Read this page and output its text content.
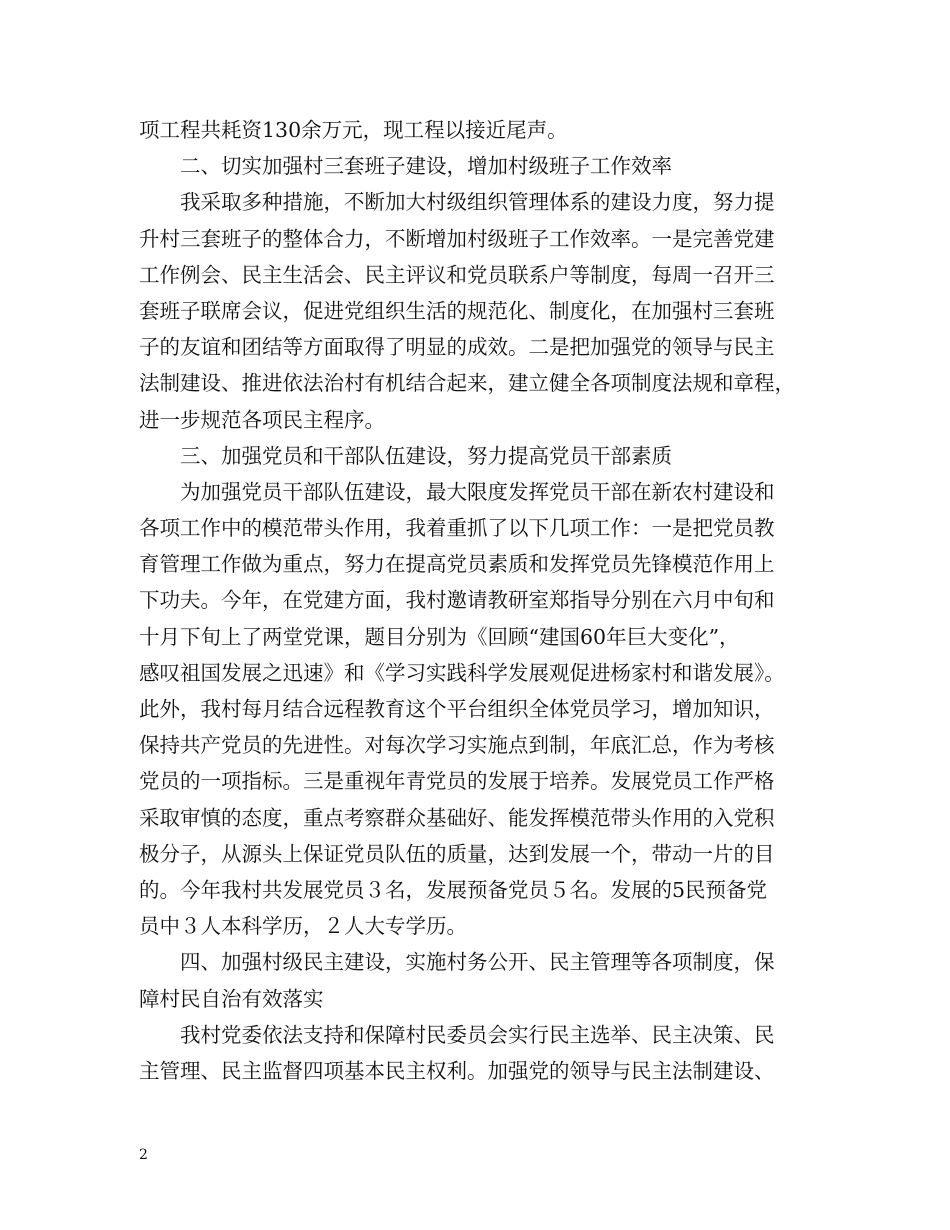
项工程共耗资130余万元，现工程以接近尾声。
二、切实加强村三套班子建设，增加村级班子工作效率
我采取多种措施，不断加大村级组织管理体系的建设力度，努力提
升村三套班子的整体合力，不断增加村级班子工作效率。一是完善党建
工作例会、民主生活会、民主评议和党员联系户等制度，每周一召开三
套班子联席会议，促进党组织生活的规范化、制度化，在加强村三套班
子的友谊和团结等方面取得了明显的成效。二是把加强党的领导与民主
法制建设、推进依法治村有机结合起来，建立健全各项制度法规和章程，
进一步规范各项民主程序。
三、加强党员和干部队伍建设，努力提高党员干部素质
为加强党员干部队伍建设，最大限度发挥党员干部在新农村建设和
各项工作中的模范带头作用，我着重抓了以下几项工作：一是把党员教
育管理工作做为重点，努力在提高党员素质和发挥党员先锋模范作用上
下功夫。今年，在党建方面，我村邀请教研室郑指导分别在六月中旬和
十月下旬上了两堂党课，题目分别为《回顾“建国60年巨大变化”，
感叹祖国发展之迅速》和《学习实践科学发展观促进杨家村和谐发展》。
此外，我村每月结合远程教育这个平台组织全体党员学习，增加知识，
保持共产党员的先进性。对每次学习实施点到制，年底汇总，作为考核
党员的一项指标。三是重视年青党员的发展于培养。发展党员工作严格
采取审慎的态度，重点考察群众基础好、能发挥模范带头作用的入党积
极分子，从源头上保证党员队伍的质量，达到发展一个，带动一片的目
的。今年我村共发展党员３名，发展预备党员５名。发展的5民预备党
员中３人本科学历，２人大专学历。
四、加强村级民主建设，实施村务公开、民主管理等各项制度，保
障村民自治有效落实
我村党委依法支持和保障村民委员会实行民主选举、民主决策、民
主管理、民主监督四项基本民主权利。加强党的领导与民主法制建设、
2
